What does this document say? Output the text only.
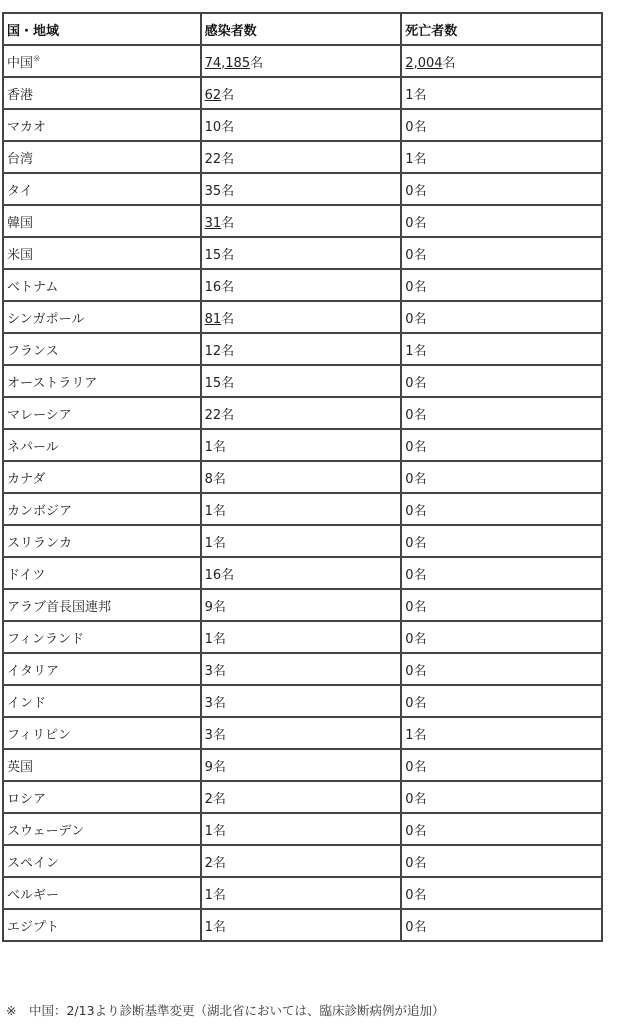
国・地域	感染者数	死亡者数
中国※	74,185名	2,004名
香港	62名	1名
マカオ	10名	0名
台湾	22名	1名
タイ	35名	0名
韓国	31名	0名
米国	15名	0名
ベトナム	16名	0名
シンガポール	81名	0名
フランス	12名	1名
オーストラリア	15名	0名
マレーシア	22名	0名
ネパール	1名	0名
カナダ	8名	0名
カンボジア	1名	0名
スリランカ	1名	0名
ドイツ	16名	0名
アラブ首長国連邦	9名	0名
フィンランド	1名	0名
イタリア	3名	0名
インド	3名	0名
フィリピン	3名	1名
英国	9名	0名
ロシア	2名	0名
スウェーデン	1名	0名
スペイン	2名	0名
ベルギー	1名	0名
エジプト	1名	0名
※　中国：2/13より診断基準変更（湖北省においては、臨床診断病例が追加）
